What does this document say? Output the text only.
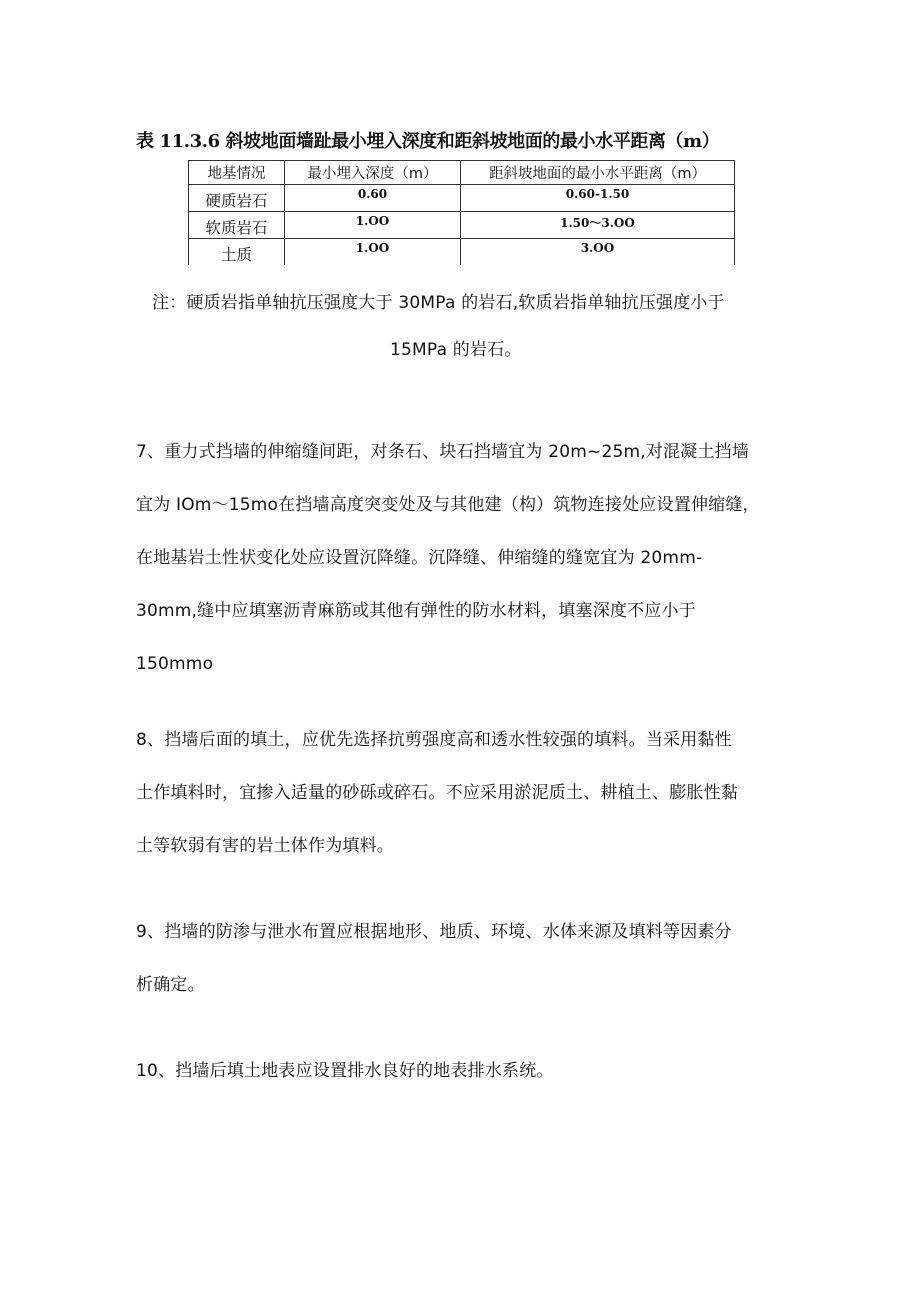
表 11.3.6 斜坡地面墙趾最小埋入深度和距斜坡地面的最小水平距离（m）
地基情况	最小埋入深度（m）	距斜坡地面的最小水平距离（m）
硬质岩石	0.60	0.60-1.50
软质岩石	1.OO	1.50～3.OO
土质	1.OO	3.OO

注：硬质岩指单轴抗压强度大于 30MPa 的岩石,软质岩指单轴抗压强度小于

15MPa 的岩石。

7、重力式挡墙的伸缩缝间距，对条石、块石挡墙宜为 20m~25m,对混凝土挡墙
宜为 IOm～15mo在挡墙高度突变处及与其他建（构）筑物连接处应设置伸缩缝，
在地基岩土性状变化处应设置沉降缝。沉降缝、伸缩缝的缝宽宜为 20mm-
30mm,缝中应填塞沥青麻筋或其他有弹性的防水材料，填塞深度不应小于
150mmo

8、挡墙后面的填土，应优先选择抗剪强度高和透水性较强的填料。当采用黏性
土作填料时，宜掺入适量的砂砾或碎石。不应采用淤泥质土、耕植土、膨胀性黏
土等软弱有害的岩土体作为填料。

9、挡墙的防渗与泄水布置应根据地形、地质、环境、水体来源及填料等因素分
析确定。

10、挡墙后填土地表应设置排水良好的地表排水系统。
